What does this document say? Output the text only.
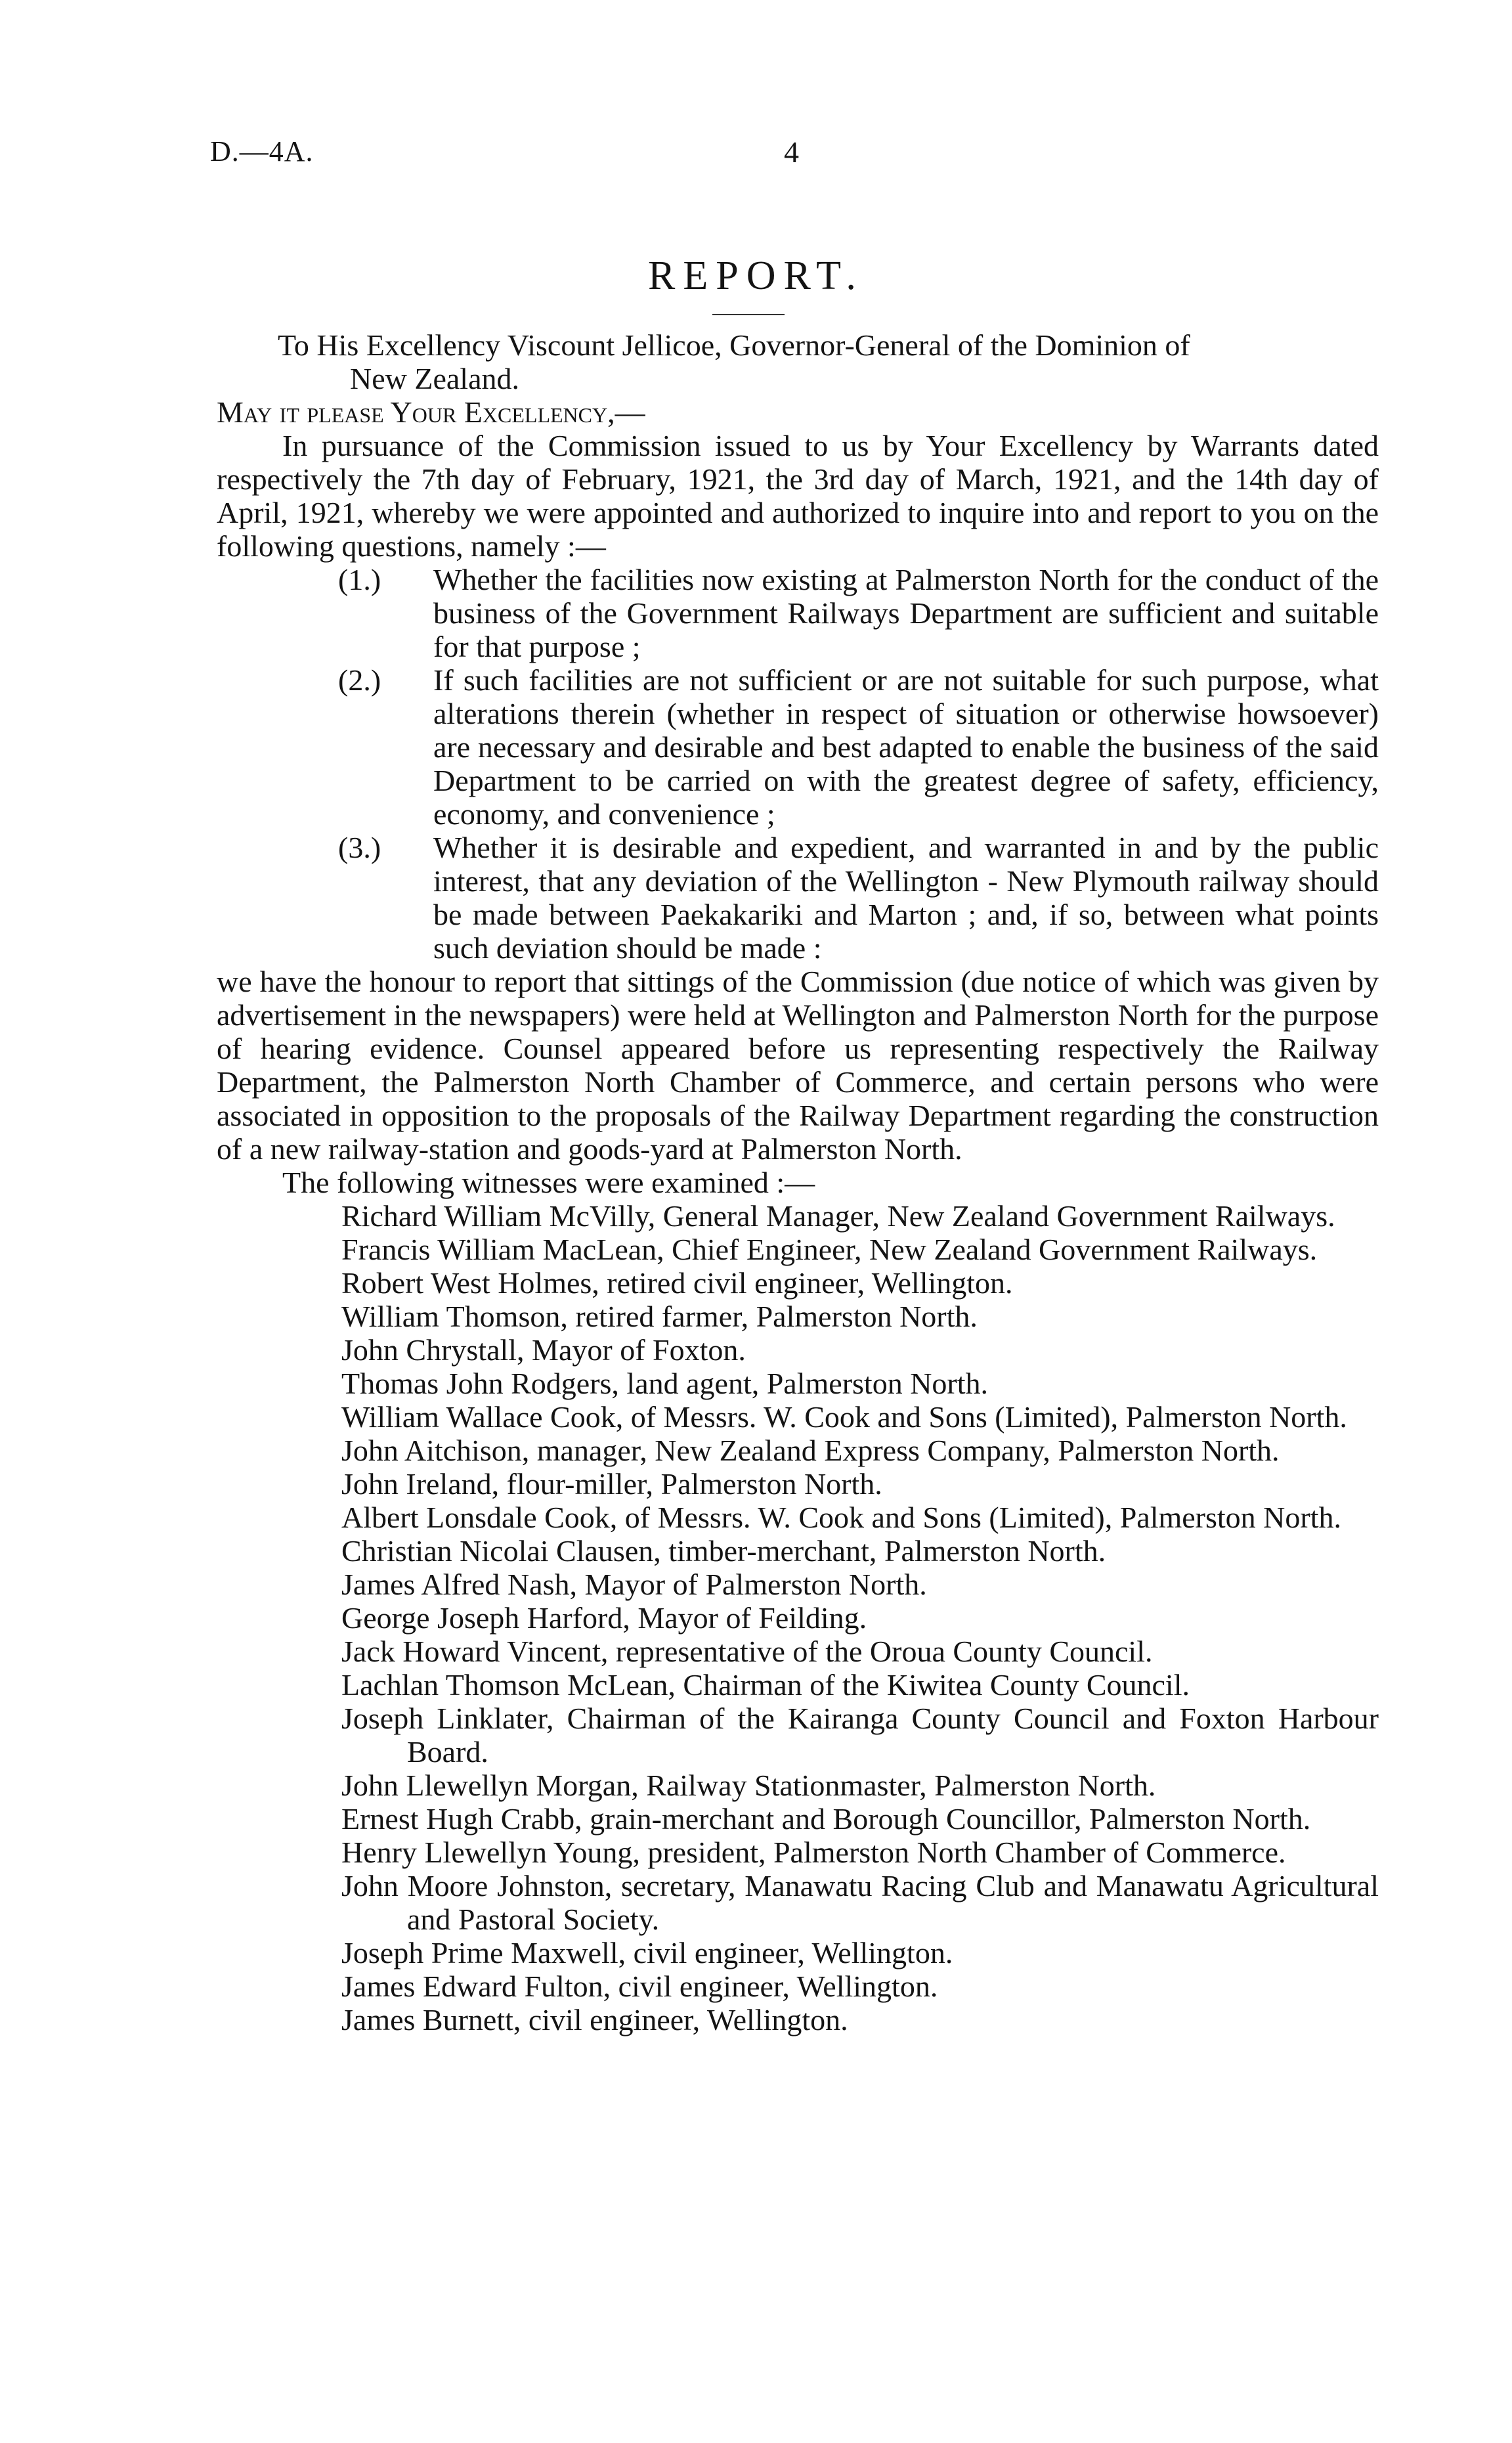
D.—4A.	4
REPORT.

To His Excellency Viscount Jellicoe, Governor-General of the Dominion of
New Zealand.

May it please Your Excellency,—

In pursuance of the Commission issued to us by Your Excellency by Warrants dated respectively the 7th day of February, 1921, the 3rd day of March, 1921, and the 14th day of April, 1921, whereby we were appointed and authorized to inquire into and report to you on the following questions, namely :—

(1.) Whether the facilities now existing at Palmerston North for the conduct of the business of the Government Railways Department are sufficient and suitable for that purpose ;
(2.) If such facilities are not sufficient or are not suitable for such purpose, what alterations therein (whether in respect of situation or otherwise howsoever) are necessary and desirable and best adapted to enable the business of the said Department to be carried on with the greatest degree of safety, efficiency, economy, and convenience ;
(3.) Whether it is desirable and expedient, and warranted in and by the public interest, that any deviation of the Wellington - New Plymouth railway should be made between Paekakariki and Marton ; and, if so, between what points such deviation should be made :

we have the honour to report that sittings of the Commission (due notice of which was given by advertisement in the newspapers) were held at Wellington and Palmerston North for the purpose of hearing evidence. Counsel appeared before us representing respectively the Railway Department, the Palmerston North Chamber of Commerce, and certain persons who were associated in opposition to the proposals of the Railway Department regarding the construction of a new railway-station and goods-yard at Palmerston North.

The following witnesses were examined :—

Richard William McVilly, General Manager, New Zealand Government Railways.
Francis William MacLean, Chief Engineer, New Zealand Government Railways.
Robert West Holmes, retired civil engineer, Wellington.
William Thomson, retired farmer, Palmerston North.
John Chrystall, Mayor of Foxton.
Thomas John Rodgers, land agent, Palmerston North.
William Wallace Cook, of Messrs. W. Cook and Sons (Limited), Palmerston North.
John Aitchison, manager, New Zealand Express Company, Palmerston North.
John Ireland, flour-miller, Palmerston North.
Albert Lonsdale Cook, of Messrs. W. Cook and Sons (Limited), Palmerston North.
Christian Nicolai Clausen, timber-merchant, Palmerston North.
James Alfred Nash, Mayor of Palmerston North.
George Joseph Harford, Mayor of Feilding.
Jack Howard Vincent, representative of the Oroua County Council.
Lachlan Thomson McLean, Chairman of the Kiwitea County Council.
Joseph Linklater, Chairman of the Kairanga County Council and Foxton Harbour Board.
John Llewellyn Morgan, Railway Stationmaster, Palmerston North.
Ernest Hugh Crabb, grain-merchant and Borough Councillor, Palmerston North.
Henry Llewellyn Young, president, Palmerston North Chamber of Commerce.
John Moore Johnston, secretary, Manawatu Racing Club and Manawatu Agricultural and Pastoral Society.
Joseph Prime Maxwell, civil engineer, Wellington.
James Edward Fulton, civil engineer, Wellington.
James Burnett, civil engineer, Wellington.
